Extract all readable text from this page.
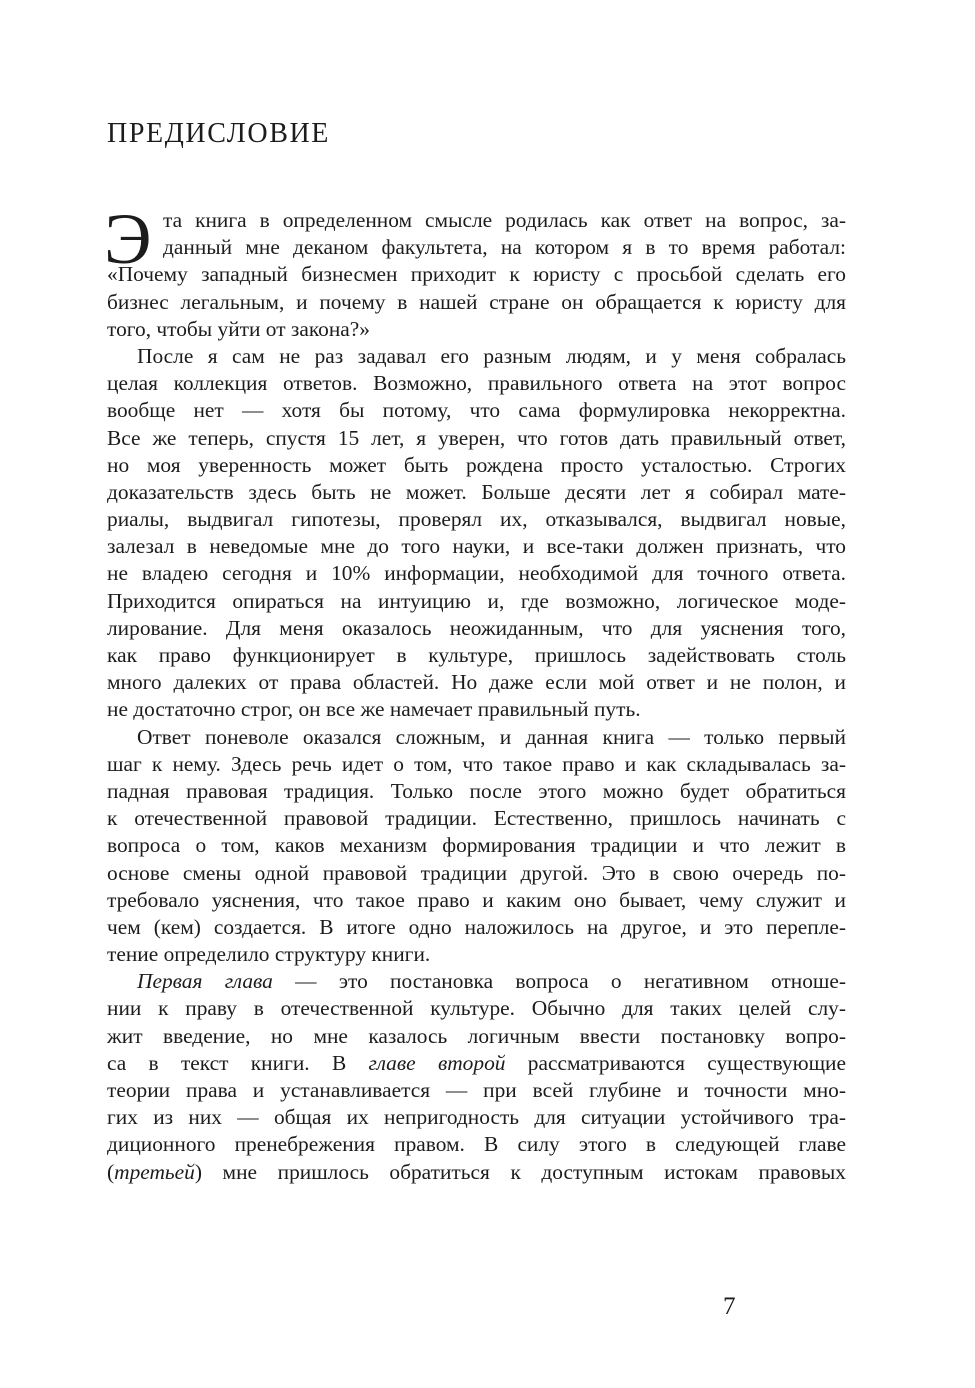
ПРЕДИСЛОВИЕ
Э та книга в определенном смысле родилась как ответ на вопрос, за-
данный мне деканом факультета, на котором я в то время работал:
«Почему западный бизнесмен приходит к юристу с просьбой сделать его
бизнес легальным, и почему в нашей стране он обращается к юристу для
того, чтобы уйти от закона?»
После я сам не раз задавал его разным людям, и у меня собралась
целая коллекция ответов. Возможно, правильного ответа на этот вопрос
вообще нет — хотя бы потому, что сама формулировка некорректна.
Все же теперь, спустя 15 лет, я уверен, что готов дать правильный ответ,
но моя уверенность может быть рождена просто усталостью. Строгих
доказательств здесь быть не может. Больше десяти лет я собирал мате-
риалы, выдвигал гипотезы, проверял их, отказывался, выдвигал новые,
залезал в неведомые мне до того науки, и все-таки должен признать, что
не владею сегодня и 10% информации, необходимой для точного ответа.
Приходится опираться на интуицию и, где возможно, логическое моде-
лирование. Для меня оказалось неожиданным, что для уяснения того,
как право функционирует в культуре, пришлось задействовать столь
много далеких от права областей. Но даже если мой ответ и не полон, и
не достаточно строг, он все же намечает правильный путь.
Ответ поневоле оказался сложным, и данная книга — только первый
шаг к нему. Здесь речь идет о том, что такое право и как складывалась за-
падная правовая традиция. Только после этого можно будет обратиться
к отечественной правовой традиции. Естественно, пришлось начинать с
вопроса о том, каков механизм формирования традиции и что лежит в
основе смены одной правовой традиции другой. Это в свою очередь по-
требовало уяснения, что такое право и каким оно бывает, чему служит и
чем (кем) создается. В итоге одно наложилось на другое, и это перепле-
тение определило структуру книги.
Первая глава — это постановка вопроса о негативном отноше-
нии к праву в отечественной культуре. Обычно для таких целей слу-
жит введение, но мне казалось логичным ввести постановку вопро-
са в текст книги. В главе второй рассматриваются существующие
теории права и устанавливается — при всей глубине и точности мно-
гих из них — общая их непригодность для ситуации устойчивого тра-
диционного пренебрежения правом. В силу этого в следующей главе
(третьей) мне пришлось обратиться к доступным истокам правовых

7
